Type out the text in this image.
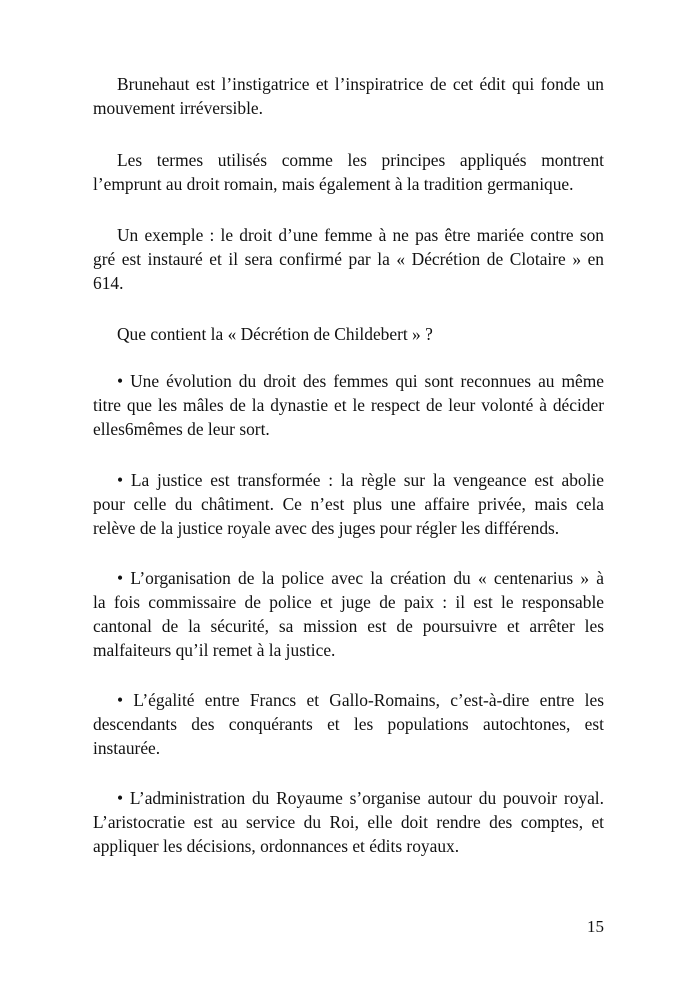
Brunehaut est l’instigatrice et l’inspiratrice de cet édit qui fonde un
mouvement irréversible.
Les termes utilisés comme les principes appliqués montrent
l’emprunt au droit romain, mais également à la tradition germanique.
Un exemple : le droit d’une femme à ne pas être mariée contre son
gré est instauré et il sera confirmé par la « Décrétion de Clotaire » en
614.
Que contient la « Décrétion de Childebert » ?
• Une évolution du droit des femmes qui sont reconnues au même
titre que les mâles de la dynastie et le respect de leur volonté à décider
elles6mêmes de leur sort.
• La justice est transformée : la règle sur la vengeance est abolie
pour celle du châtiment. Ce n’est plus une affaire privée, mais cela
relève de la justice royale avec des juges pour régler les différends.
• L’organisation de la police avec la création du « centenarius » à
la fois commissaire de police et juge de paix : il est le responsable
cantonal de la sécurité, sa mission est de poursuivre et arrêter les
malfaiteurs qu’il remet à la justice.
• L’égalité entre Francs et Gallo-Romains, c’est-à-dire entre les
descendants des conquérants et les populations autochtones, est
instaurée.
• L’administration du Royaume s’organise autour du pouvoir royal.
L’aristocratie est au service du Roi, elle doit rendre des comptes, et
appliquer les décisions, ordonnances et édits royaux.
15
